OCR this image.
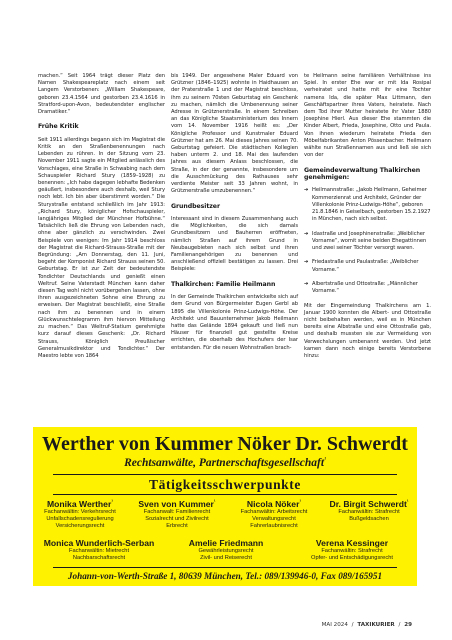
machen.“ Seit 1964 trägt dieser Platz den Namen Shakespeareplatz nach einem seit Langem Verstorbenen: „William Shakespeare, geboren 23.4.1564 und gestorben 23.4.1616 in Stratford-upon-Avon, bedeutendster englischer Dramatiker.“

Frühe Kritik

Seit 1911 allerdings begann sich im Magistrat die Kritik an den Straßenbenennungen nach Lebenden zu rühren. In der Sitzung vom 23. November 1911 sagte ein Mitglied anlässlich des Vorschlages, eine Straße in Schwabing nach dem Schauspieler Richard Stury (1859–1928) zu benennen: „Ich habe dagegen lebhafte Bedenken geäußert, insbesondere auch deshalb, weil Stury noch lebt. Ich bin aber überstimmt worden.“ Die Sturystraße entstand schließlich im Jahr 1913: „Richard Stury, königlicher Hofschauspieler, langjähriges Mitglied der Münchner Hofbühne.“ Tatsächlich ließ die Ehrung von Lebenden nach, ohne aber gänzlich zu verschwinden. Zwei Beispiele von wenigen: Im Jahr 1914 beschloss der Magistrat die Richard-Strauss-Straße mit der Begründung: „Am Donnerstag, den 11. Juni, begeht der Komponist Richard Strauss seinen 50. Geburtstag. Er ist zur Zeit der bedeutendste Tondichter Deutschlands und genießt einen Weltruf. Seine Vaterstadt München kann daher diesen Tag wohl nicht vorübergehen lassen, ohne ihren ausgezeichneten Sohne eine Ehrung zu erweisen. Der Magistrat beschließt, eine Straße nach ihm zu benennen und in einem Glückwunschtelegramm ihm hiervon Mitteilung zu machen.“ Das Weltruf-Statium gerehmigte kurz darauf dieses Geschenk: „Dr. Richard Strauss, Königlich Preußischer Generalmusikdirektor und Tondichter.“ Der Maestro lebte von 1864

bis 1949. Der angesehene Maler Eduard von Grützner (1846–1925) wohnte in Haidhausen an der Praterstraße 1 und der Magistrat beschloss, ihm zu seinem 70sten Geburtstag ein Geschenk zu machen, nämlich die Umbenennung seiner Adresse in Grütznerstraße. In einem Schreiben an das Königliche Staatsministerium des Innern vom 14. November 1916 heißt es: „Der Königliche Professor und Kunstmaler Eduard Grützner hat am 26. Mai dieses Jahres seinen 70. Geburtstag gefeiert. Die städtischen Kollegien haben unterm 2. und 18. Mai des laufenden Jahres aus diesem Anlass beschlossen, die Straße, in der der genannte, insbesondere um die Ausschmückung des Rathauses sehr verdiente Meister seit 33 Jahren wohnt, in Grütznerstraße umzubenennen.“

Grundbesitzer

Interessant sind in diesem Zusammenhang auch die Möglichkeiten, die sich damals Grundbesitzern und Bauherren eröffneten, nämlich Straßen auf ihrem Grund in Neubaugebieten nach sich selbst und ihren Familienangehörigen zu benennen und anschließend offiziell bestätigen zu lassen. Drei Beispiele:

Thalkirchen: Familie Heilmann

In der Gemeinde Thalkirchen entwickelte sich auf dem Grund von Bürgermeister Eugen Gerbl ab 1895 die Villenkolonie Prinz-Ludwigs-Höhe. Der Architekt und Bauunternehmer Jakob Heilmann hatte das Gelände 1894 gekauft und ließ nun Häuser für finanziell gut gestellte Kreise errichten, die oberhalb des Hochufers der Isar entstanden. Für die neuen Wohnstraßen brach-

te Heilmann seine familiären Verhältnisse ins Spiel. In erster Ehe war er mit Ida Rosipal verheiratet und hatte mit ihr eine Tochter namens Ida, die später Max Littmann, den Geschäftspartner ihres Vaters, heiratete. Nach dem Tod ihrer Mutter heiratete ihr Vater 1880 Josephine Hierl. Aus dieser Ehe stammten die Kinder Albert, Frieda, Josephine, Otto und Paula. Von ihnen wiederum heiratete Frieda den Möbelfabrikanten Anton Pössenbacher. Heilmann wählte nun Straßennamen aus und ließ sie sich von der

Gemeindeverwaltung Thalkirchen genehmigen:
➔ Heilmannstraße: „Jakob Heilmann, Geheimer Kommerzienrat und Architekt, Gründer der Villenkolonie Prinz-Ludwigs-Höhe“, geboren 21.8.1846 in Geiselbach, gestorben 15.2.1927 in München, nach sich selbst.
➔ Idastraße und Josephinenstraße: „Weiblicher Vorname“, womit seine beiden Ehegattinnen und zwei seiner Töchter versorgt waren.
➔ Friedastraße und Paulastraße: „Weiblicher Vorname.“
➔ Albertstraße und Ottostraße: „Männlicher Vorname.“

Mit der Eingemeindung Thalkirchens am 1. Januar 1900 konnten die Albert- und Ottostraße nicht beibehalten werden, weil es in München bereits eine Albstraße und eine Ottostraße gab, und deshalb mussten sie zur Vermeidung von Verwechslungen umbenannt werden. Und jetzt kamen dann noch einige bereits Verstorbene hinzu:

Werther von Kummer Nöker Dr. Schwerdt
Rechtsanwälte, Partnerschaftsgesellschaft$^{^1}$
Tätigkeitsschwerpunkte
Monika Werther$^{^1}$
Fachanwältin: Verkehrsrecht
Unfallschadensregulierung
Versicherungsrecht
Sven von Kummer$^{^1}$
Fachanwalt: Familienrecht
Sozialrecht und Zivilrecht
Erbrecht
Nicola Nöker$^{^1}$
Fachanwältin: Arbeitsrecht
Verwaltungsrecht
Fahrerlaubnisrecht
Dr. Birgit Schwerdt$^{^1}$
Fachanwältin: Strafrecht
Bußgeldsachen
Monica Wunderlich-Serban
Fachanwältin: Mietrecht
Nachbarschaftsrecht
Amelie Friedmann
Gewährleistungsrecht
Zivil- und Reiserecht
Verena Kessinger
Fachanwältin: Strafrecht
Opfer- und Entschädigungsrecht
Johann-von-Werth-Straße 1, 80639 München, Tel.: 089/139946-0, Fax 089/165951
MAI 2024 / TAXIKURIER / 29
